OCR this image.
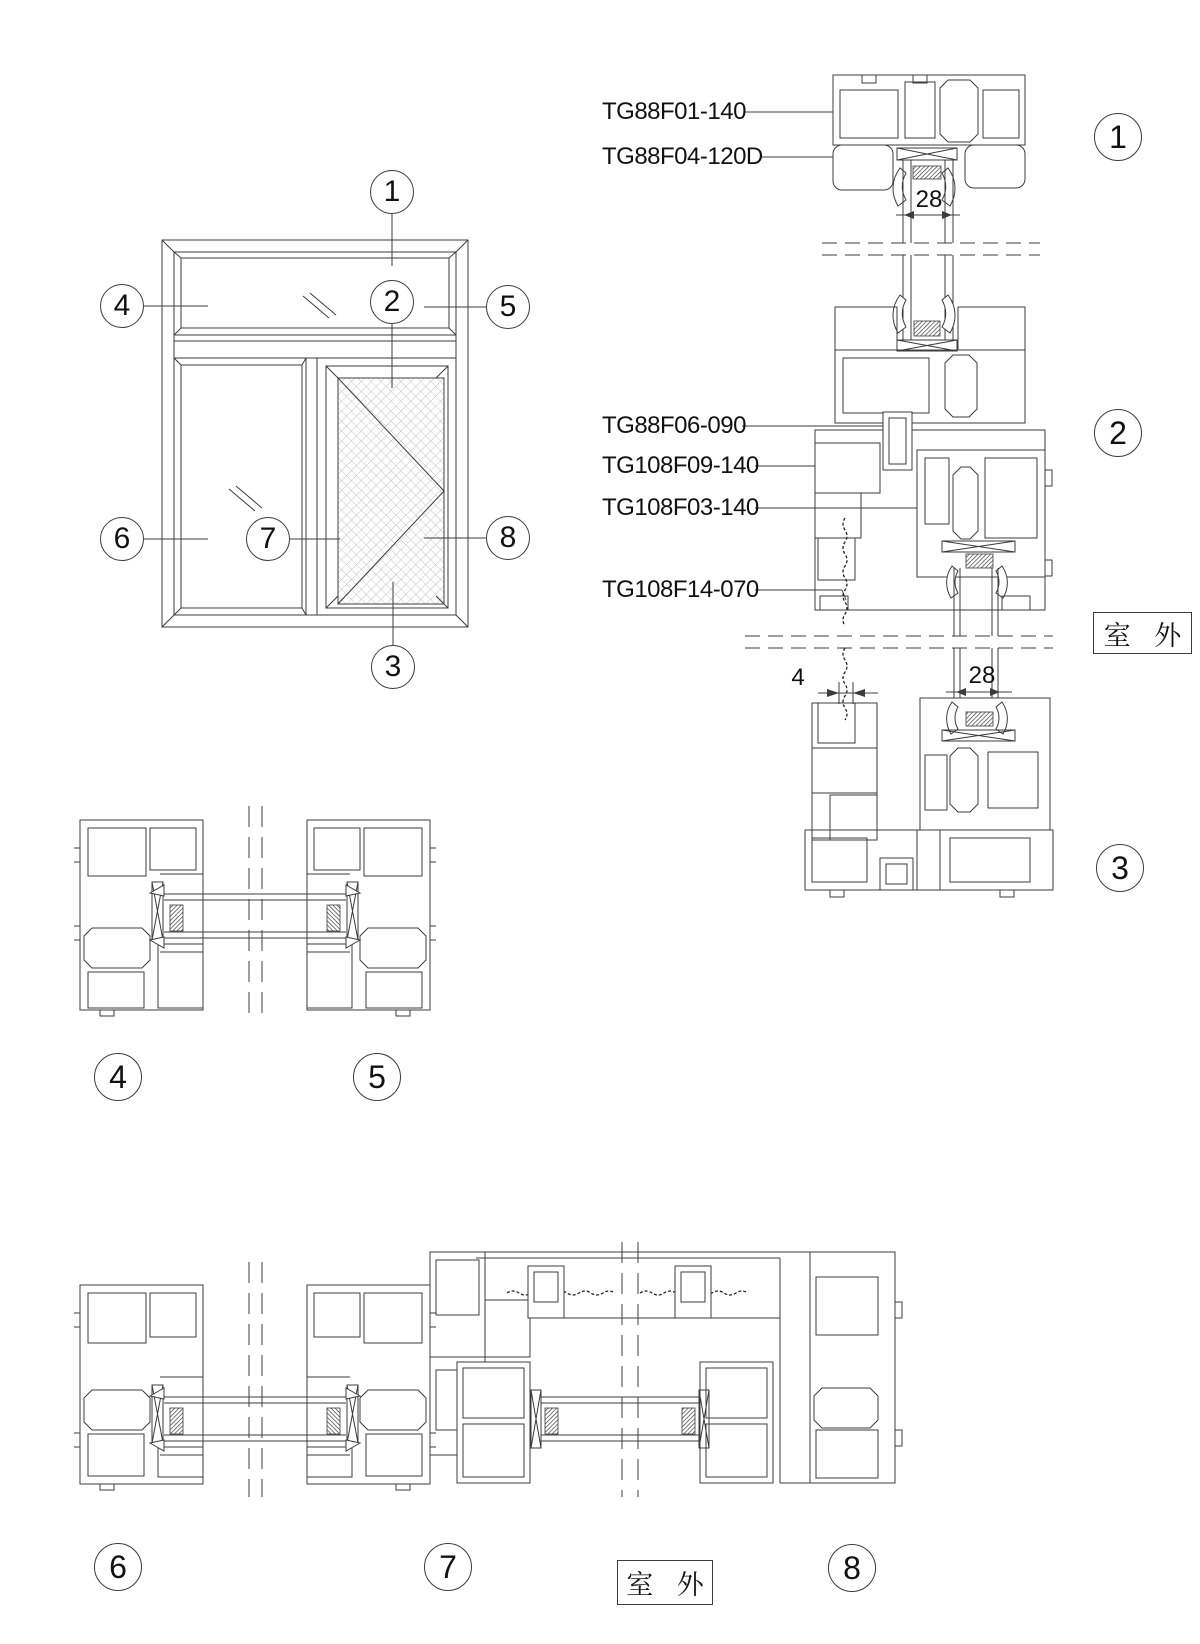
TG88F01-140
TG88F04-120D
TG88F06-090
TG108F09-140
TG108F03-140
TG108F14-070
28
4	28
室 外
室 外
1
2
3
4	5
6	7	8
1
2
3
4	5
6	7	8
